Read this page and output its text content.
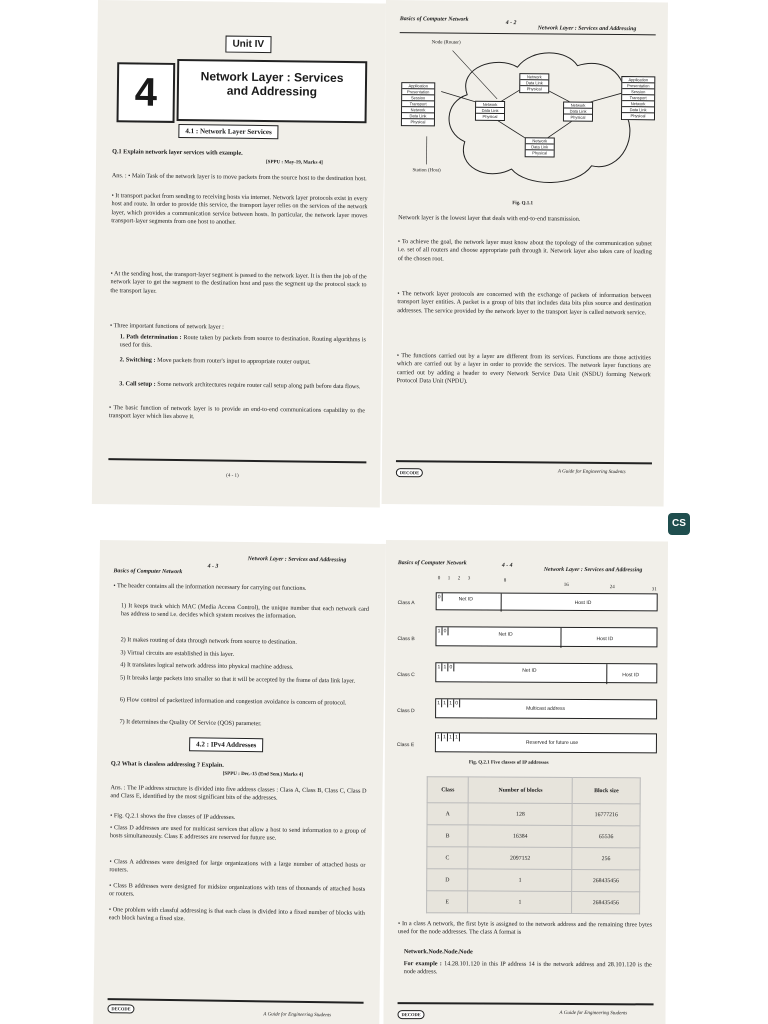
Unit IV
4	Network Layer : Services
and Addressing
4.1 : Network Layer Services
Q.1 Explain network layer services with example.
[SPPU : May-19, Marks 4]
Ans. : • Main Task of the network layer is to move packets from the source host to the destination host.
• It transport packet from sending to receiving hosts via internet. Network layer protocols exist in every host and route. In order to provide this service, the transport layer relies on the services of the network layer, which provides a communication service between hosts. In particular, the network layer moves transport-layer segments from one host to another.
• At the sending host, the transport-layer segment is passed to the network layer. It is then the job of the network layer to get the segment to the destination host and pass the segment up the protocol stack to the transport layer.
• Three important functions of network layer :
1. Path determination : Route taken by packets from source to destination. Routing algorithms is used for this.
2. Switching : Move packets from router's input to appropriate router output.
3. Call setup : Some network architectures require router call setup along path before data flows.
• The basic function of network layer is to provide an end-to-end communications capability to the transport layer which lies above it.
(4 - 1)
Basics of Computer Network
4 - 2
Network Layer : Services and Addressing
Node (Router)
Application
Presentation
Session
Transport
Network
Data Link
Physical
Application
Presentation
Session
Transport
Network
Data Link
Physical
Network
Data Link
Physical
Network
Data Link
Physical
Network
Data Link
Physical
Network
Data Link
Physical
Station (Host)
Fig. Q.1.1
Network layer is the lowest layer that deals with end-to-end transmission.
• To achieve the goal, the network layer must know about the topology of the communication subnet i.e. set of all routers and choose appropriate path through it. Network layer also takes care of loading of the chosen root.
• The network layer protocols are concerned with the exchange of packets of information between transport layer entities. A packet is a group of bits that includes data bits plus source and destination addresses. The service provided by the network layer to the transport layer is called network service.
• The functions carried out by a layer are different from its services. Functions are those activities which are carried out by a layer in order to provide the services. The network layer functions are carried out by adding a header to every Network Service Data Unit (NSDU) forming Network Protocol Data Unit (NPDU).
DECODE	A Guide for Engineering Students
Basics of Computer Network
4 - 3
Network Layer : Services and Addressing
• The header contains all the information necessary for carrying out functions.
1) It keeps track which MAC (Media Access Control), the unique number that each network card has address to send i.e. decides which system receives the information.
2) It makes routing of data through network from source to destination.
3) Virtual circuits are established in this layer.
4) It translates logical network address into physical machine address.
5) It breaks large packets into smaller so that it will be accepted by the frame of data link layer.
6) Flow control of packetized information and congestion avoidance is concern of protocol.
7) It determines the Quality Of Service (QOS) parameter.
4.2 : IPv4 Addresses
Q.2 What is classless addressing ? Explain.
[SPPU : Dec.-15 (End Sem.) Marks 4]
Ans. : The IP address structure is divided into five address classes : Class A, Class B, Class C, Class D and Class E, identified by the most significant bits of the addresses.
• Fig. Q.2.1 shows the five classes of IP addresses.
• Class D addresses are used for multicast services that allow a host to send information to a group of hosts simultaneously. Class E addresses are reserved for future use.
• Class A addresses were designed for large organizations with a large number of attached hosts or routers.
• Class B addresses were designed for midsize organizations with tens of thousands of attached hosts or routers.
• One problem with classful addressing is that each class is divided into a fixed number of blocks with each block having a fixed size.
DECODE
A Guide for Engineering Students
Basics of Computer Network	4 - 4
Network Layer : Services and Addressing
0 1 2 3	8
16	24	31
Class A
0	Net ID
Host ID
Class B
1 0
Net ID
Host ID
Class C
1 1 0
Net ID
Host ID
Class D
1 1 1 0
Multicast address
Class E
1 1 1 1
Reserved for future use
Fig. Q.2.1 Five classes of IP addresses
Class	Number of blocks	Block size
A	128	16777216
B	16384	65536
C	2097152	256
D	1	268435456
E	1	268435456
• In a class A network, the first byte is assigned to the network address and the remaining three bytes used for the node addresses. The class A format is
Network.Node.Node.Node
For example : 14.28.101.120 in this IP address 14 is the network address and 28.101.120 is the node address.
DECODE	A Guide for Engineering Students
CS
